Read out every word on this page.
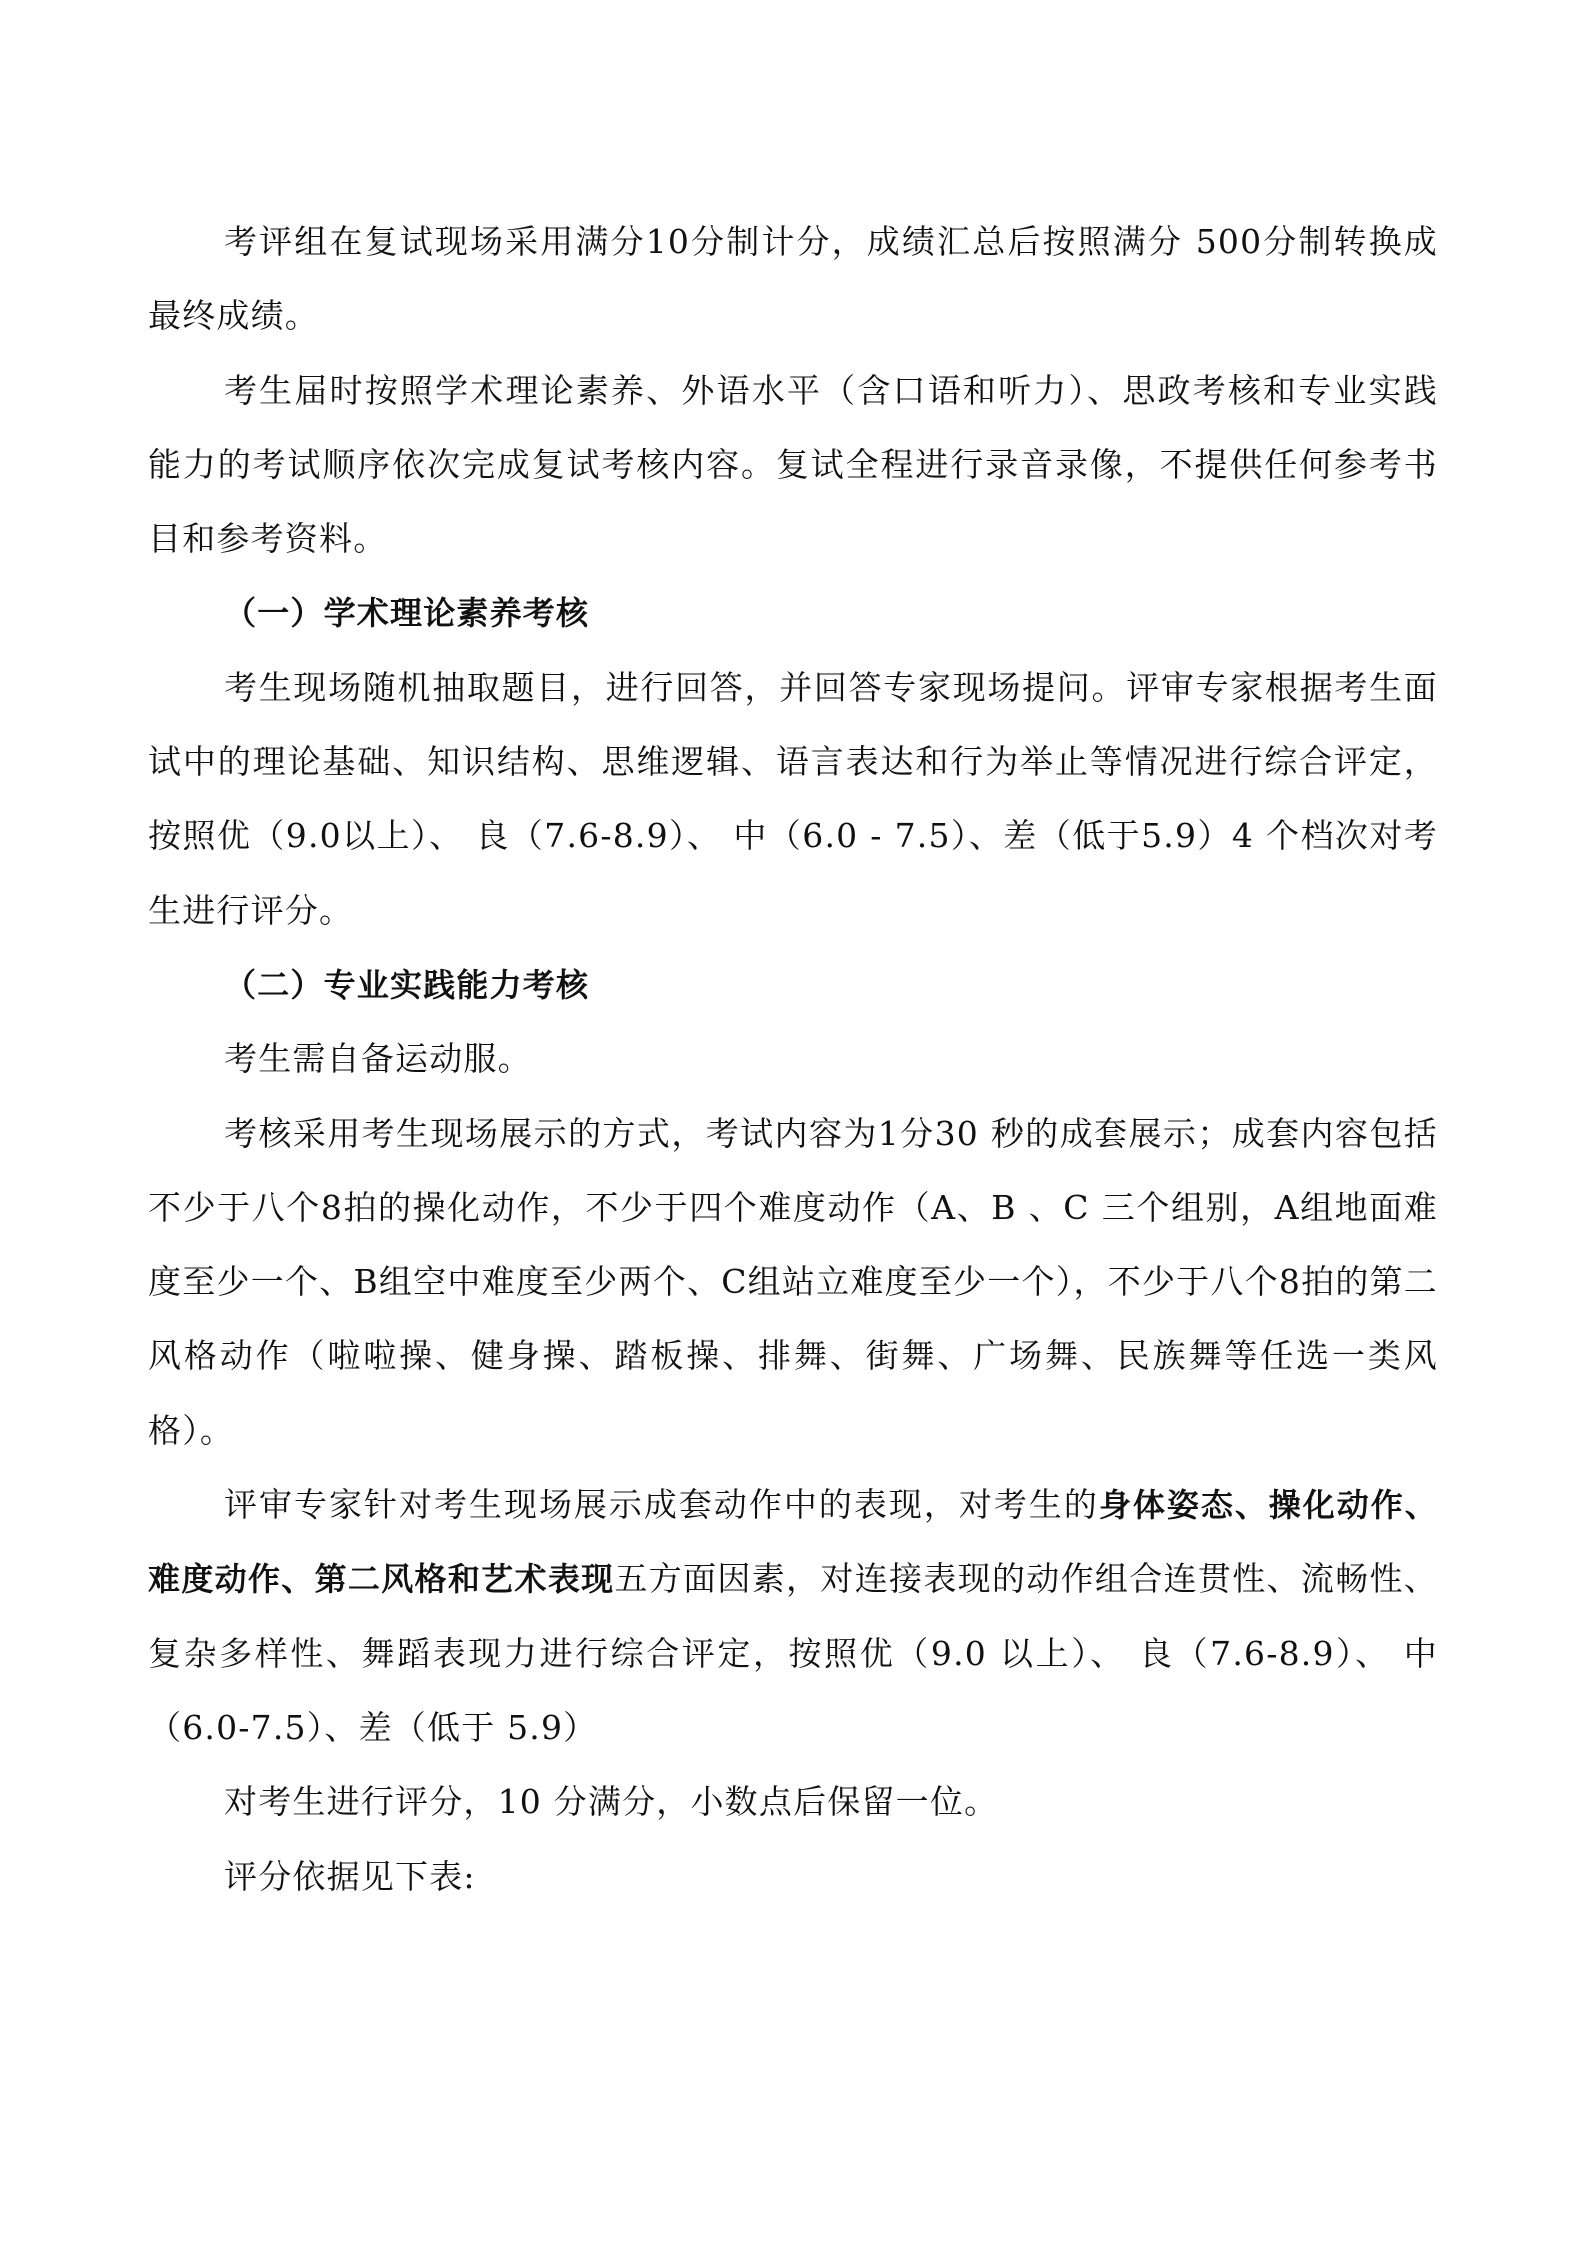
考评组在复试现场采用满分10分制计分，成绩汇总后按照满分 500分制转换成最终成绩。

考生届时按照学术理论素养、外语水平（含口语和听力）、思政考核和专业实践能力的考试顺序依次完成复试考核内容。复试全程进行录音录像，不提供任何参考书目和参考资料。

（一）学术理论素养考核

考生现场随机抽取题目，进行回答，并回答专家现场提问。评审专家根据考生面试中的理论基础、知识结构、思维逻辑、语言表达和行为举止等情况进行综合评定，按照优（9.0以上）、 良（7.6-8.9）、 中（6.0 - 7.5）、差（低于5.9）4 个档次对考生进行评分。

（二）专业实践能力考核

考生需自备运动服。

考核采用考生现场展示的方式，考试内容为1分30 秒的成套展示；成套内容包括不少于八个8拍的操化动作，不少于四个难度动作（A、B 、C 三个组别，A组地面难度至少一个、B组空中难度至少两个、C组站立难度至少一个），不少于八个8拍的第二风格动作（啦啦操、健身操、踏板操、排舞、街舞、广场舞、民族舞等任选一类风格）。

评审专家针对考生现场展示成套动作中的表现，对考生的身体姿态、操化动作、难度动作、第二风格和艺术表现五方面因素，对连接表现的动作组合连贯性、流畅性、复杂多样性、舞蹈表现力进行综合评定，按照优（9.0 以上）、 良（7.6-8.9）、 中（6.0-7.5）、差（低于 5.9）

对考生进行评分，10 分满分，小数点后保留一位。

评分依据见下表:
